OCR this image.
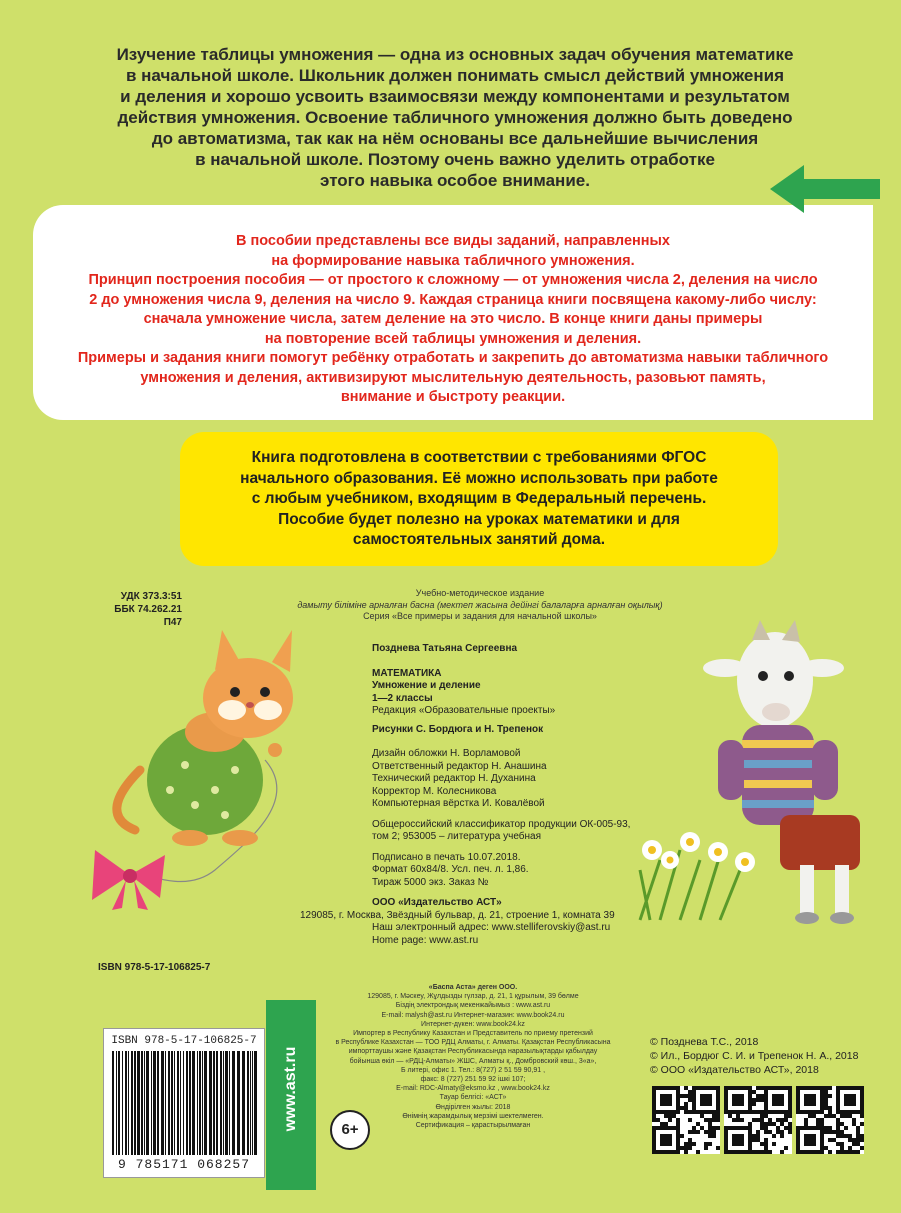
Изучение таблицы умножения — одна из основных задач обучения математике
в начальной школе. Школьник должен понимать смысл действий умножения
и деления и хорошо усвоить взаимосвязи между компонентами и результатом
действия умножения. Освоение табличного умножения должно быть доведено
до автоматизма, так как на нём основаны все дальнейшие вычисления
в начальной школе. Поэтому очень важно уделить отработке
этого навыка особое внимание.
В пособии представлены все виды заданий, направленных
на формирование навыка табличного умножения.
Принцип построения пособия — от простого к сложному — от умножения числа 2, деления на число
2 до умножения числа 9, деления на число 9. Каждая страница книги посвящена какому-либо числу:
сначала умножение числа, затем деление на это число. В конце книги даны примеры
на повторение всей таблицы умножения и деления.
Примеры и задания книги помогут ребёнку отработать и закрепить до автоматизма навыки табличного
умножения и деления, активизируют мыслительную деятельность, разовьют память,
внимание и быстроту реакции.
Книга подготовлена в соответствии с требованиями ФГОС
начального образования. Её можно использовать при работе
с любым учебником, входящим в Федеральный перечень.
Пособие будет полезно на уроках математики и для
самостоятельных занятий дома.
УДК 373.3:51
ББК 74.262.21
П47
Учебно-методическое издание
дамыту біліміне арналған басна (мектеп жасына дейінгі балаларға арналған оқылық)
Серия «Все примеры и задания для начальной школы»
Позднева Татьяна Сергеевна
МАТЕМАТИКА
Умножение и деление
1—2 классы
Редакция «Образовательные проекты»
Рисунки С. Бордюга и Н. Трепенок
Дизайн обложки Н. Ворламовой
Ответственный редактор Н. Анашина
Технический редактор Н. Духанина
Корректор М. Колесникова
Компьютерная вёрстка И. Ковалёвой
Общероссийский классификатор продукции ОК-005-93,
том 2; 953005 – литература учебная
Подписано в печать 10.07.2018.
Формат 60x84/8. Усл. печ. л. 1,86.
Тираж 5000 экз. Заказ №
ООО «Издательство АСТ»
129085, г. Москва, Звёздный бульвар, д. 21, строение 1, комната 39
Наш электронный адрес: www.stelliferovskiy@ast.ru
Home page: www.ast.ru
ISBN 978-5-17-106825-7
«Баспа Аста» деген ООО.
129085, г. Мәскеу, Жұлдызды гүлзар, д. 21, 1 құрылым, 39 бөлме
Біздің электрондық мекенжайымыз : www.ast.ru
E-mail: malysh@ast.ru Интернет-магазин: www.book24.ru
Интернет-дүкен: www.book24.kz
Импортер в Республику Казахстан и Представитель по приему претензий
в Республике Казахстан — ТОО РДЦ Алматы, г. Алматы. Қазақстан Республикасына
импорттаушы және Қазақстан Республикасында наразылықтарды қабылдау
бойынша өкіл — «РДЦ-Алматы» ЖШС, Алматы қ., Домбровский көш., 3«а»,
Б литері, офис 1. Тел.: 8(727) 2 51 59 90,91 ,
факс: 8 (727) 251 59 92 ішкі 107;
E-mail: RDC-Almaty@eksmo.kz , www.book24.kz
Тауар белгісі: «АСТ»
Өндірілген жылы: 2018
Өнімнің жарамдылық мерзімі шектелмеген.
Сертификация – қарастырылмаған
ISBN 978-5-17-106825-7
9 785171 068257
www.ast.ru	6+
© Позднева Т.С., 2018
© Ил., Бордюг С. И. и Трепенок Н. А., 2018
© ООО «Издательство АСТ», 2018
